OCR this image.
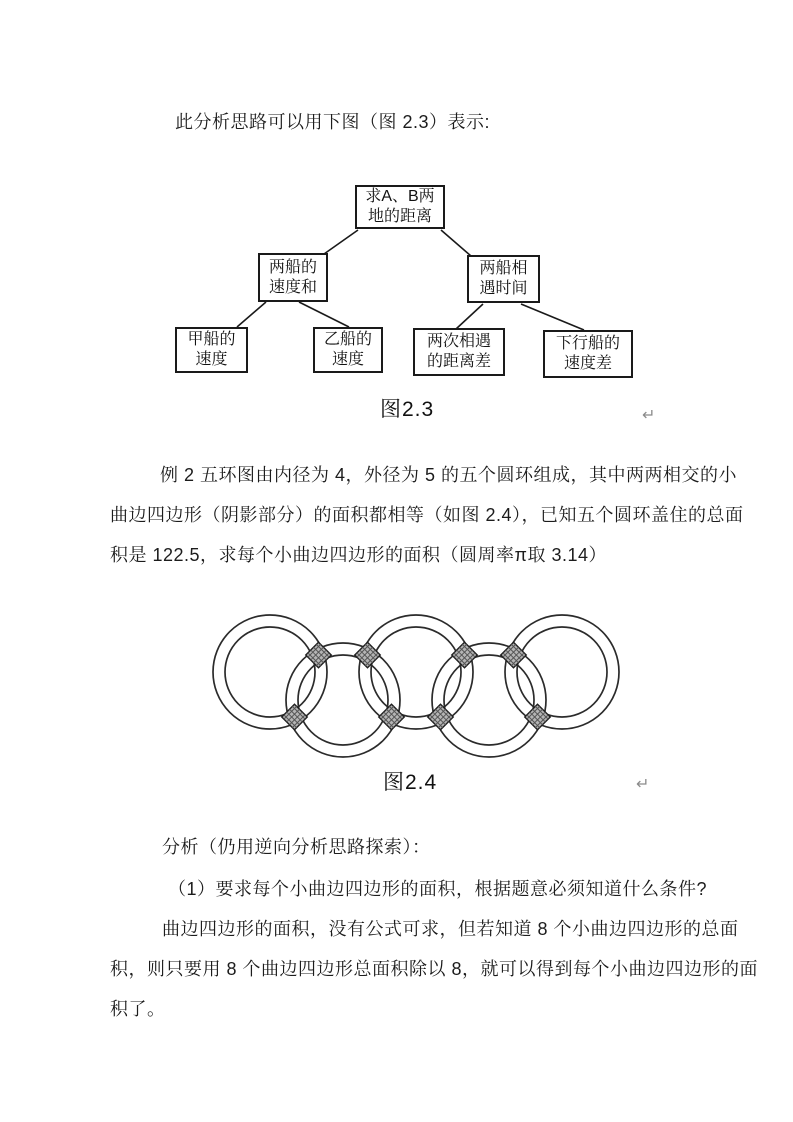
此分析思路可以用下图（图 2.3）表示:
求A、B两
地的距离
两船的
速度和
两船相
遇时间
甲船的
速度
乙船的
速度
两次相遇
的距离差
下行船的
速度差
图2.3	↵
例 2 五环图由内径为 4，外径为 5 的五个圆环组成，其中两两相交的小
曲边四边形（阴影部分）的面积都相等（如图 2.4），已知五个圆环盖住的总面
积是 122.5，求每个小曲边四边形的面积（圆周率π取 3.14）
图2.4	↵
分析（仍用逆向分析思路探索）：
（1）要求每个小曲边四边形的面积，根据题意必须知道什么条件?
曲边四边形的面积，没有公式可求，但若知道 8 个小曲边四边形的总面
积，则只要用 8 个曲边四边形总面积除以 8，就可以得到每个小曲边四边形的面
积了。
